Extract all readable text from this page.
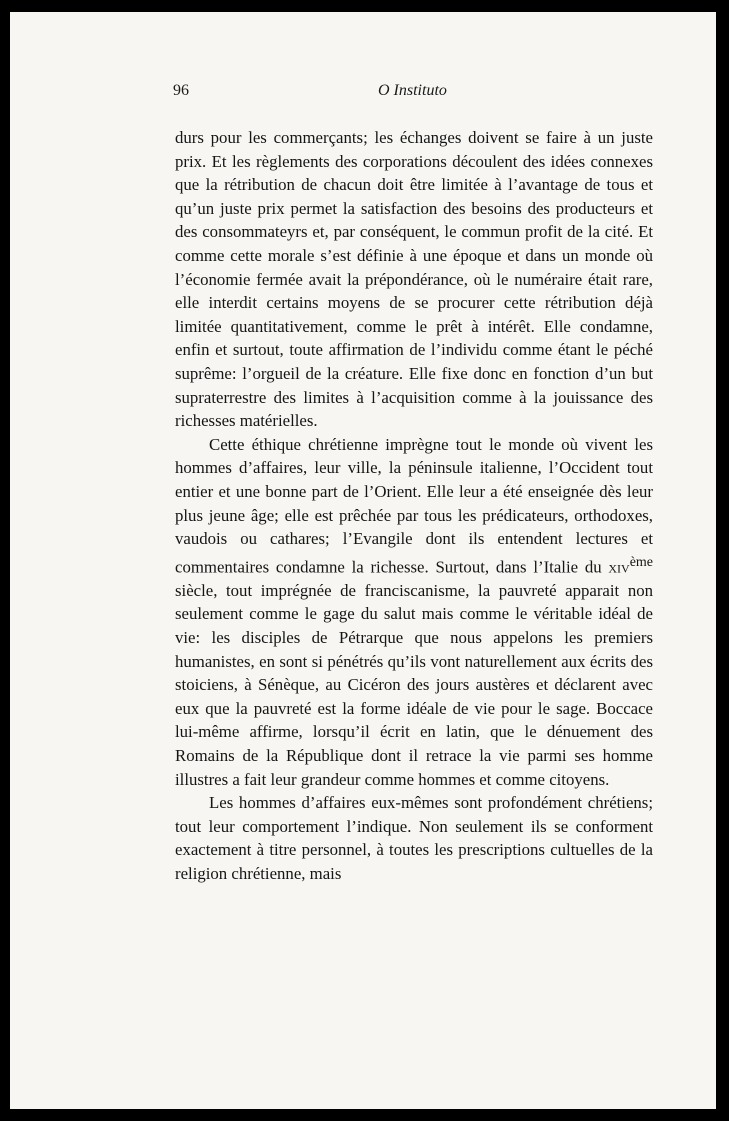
96	O Instituto

durs pour les commerçants; les échanges doivent se faire à un juste prix. Et les règlements des corporations découlent des idées connexes que la rétribution de chacun doit être limitée à l’avantage de tous et qu’un juste prix permet la satisfaction des besoins des producteurs et des consommateyrs et, par conséquent, le commun profit de la cité. Et comme cette morale s’est définie à une époque et dans un monde où l’économie fermée avait la prépondérance, où le numéraire était rare, elle interdit certains moyens de se procurer cette rétribution déjà limitée quantitativement, comme le prêt à intérêt. Elle condamne, enfin et surtout, toute affirmation de l’individu comme étant le péché suprême: l’orgueil de la créature. Elle fixe donc en fonction d’un but supraterrestre des limites à l’acquisition comme à la jouissance des richesses matérielles.

Cette éthique chrétienne imprègne tout le monde où vivent les hommes d’affaires, leur ville, la péninsule italienne, l’Occident tout entier et une bonne part de l’Orient. Elle leur a été enseignée dès leur plus jeune âge; elle est prêchée par tous les prédicateurs, orthodoxes, vaudois ou cathares; l’Evangile dont ils entendent lectures et commentaires condamne la richesse. Surtout, dans l’Italie du xiv$^{ème}$ siècle, tout imprégnée de franciscanisme, la pauvreté apparait non seulement comme le gage du salut mais comme le véritable idéal de vie: les disciples de Pétrarque que nous appelons les premiers humanistes, en sont si pénétrés qu’ils vont naturellement aux écrits des stoiciens, à Sénèque, au Cicéron des jours austères et déclarent avec eux que la pauvreté est la forme idéale de vie pour le sage. Boccace lui-même affirme, lorsqu’il écrit en latin, que le dénuement des Romains de la République dont il retrace la vie parmi ses homme illustres a fait leur grandeur comme hommes et comme citoyens.

Les hommes d’affaires eux-mêmes sont profondément chrétiens; tout leur comportement l’indique. Non seulement ils se conforment exactement à titre personnel, à toutes les prescriptions cultuelles de la religion chrétienne, mais
